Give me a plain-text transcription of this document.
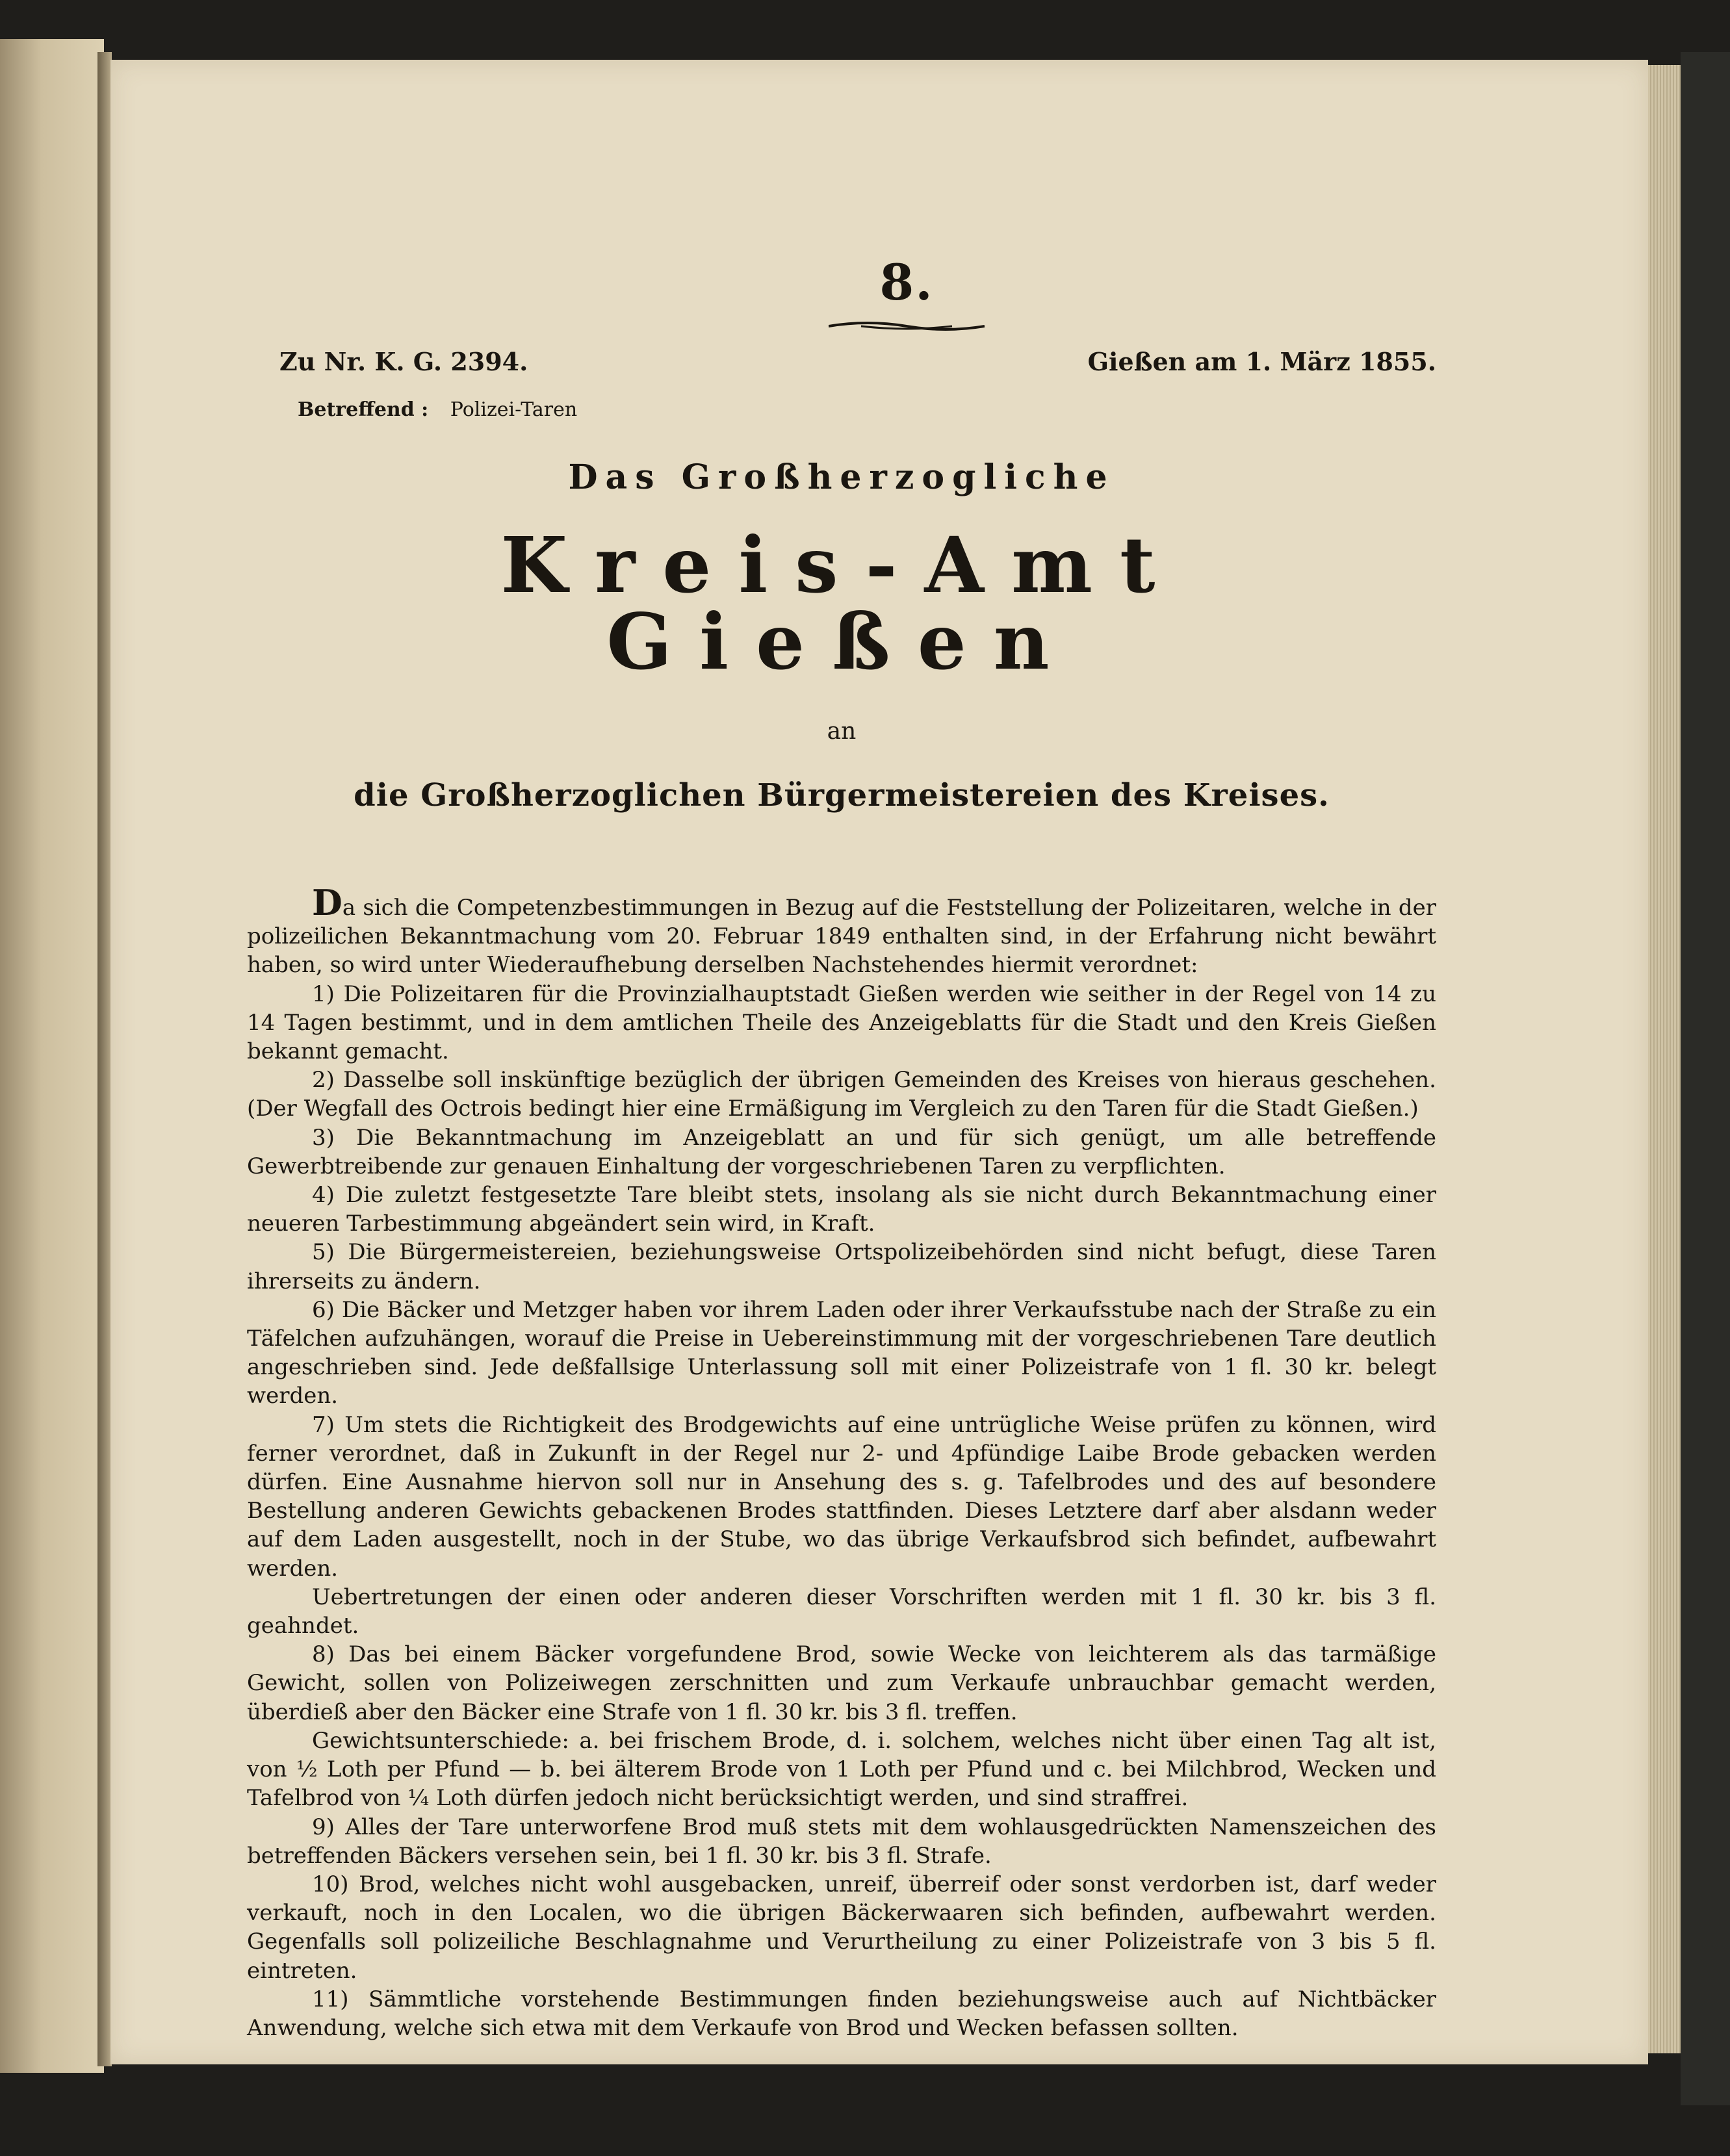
8.
Zu Nr. K. G. 2394.	Gießen am 1. März 1855.
Betreffend : Polizei-Taren
Das Großherzogliche
Kreis-Amt Gießen
an
die Großherzoglichen Bürgermeistereien des Kreises.

Da sich die Competenzbestimmungen in Bezug auf die Feststellung der Polizeitaren, welche in der polizeilichen Bekanntmachung vom 20. Februar 1849 enthalten sind, in der Erfahrung nicht bewährt haben, so wird unter Wiederaufhebung derselben Nachstehendes hiermit verordnet:

1) Die Polizeitaren für die Provinzialhauptstadt Gießen werden wie seither in der Regel von 14 zu 14 Tagen bestimmt, und in dem amtlichen Theile des Anzeigeblatts für die Stadt und den Kreis Gießen bekannt gemacht.

2) Dasselbe soll inskünftige bezüglich der übrigen Gemeinden des Kreises von hieraus geschehen. (Der Wegfall des Octrois bedingt hier eine Ermäßigung im Vergleich zu den Taren für die Stadt Gießen.)

3) Die Bekanntmachung im Anzeigeblatt an und für sich genügt, um alle betreffende Gewerbtreibende zur genauen Einhaltung der vorgeschriebenen Taren zu verpflichten.

4) Die zuletzt festgesetzte Tare bleibt stets, insolang als sie nicht durch Bekanntmachung einer neueren Tarbestimmung abgeändert sein wird, in Kraft.

5) Die Bürgermeistereien, beziehungsweise Ortspolizeibehörden sind nicht befugt, diese Taren ihrerseits zu ändern.

6) Die Bäcker und Metzger haben vor ihrem Laden oder ihrer Verkaufsstube nach der Straße zu ein Täfelchen aufzuhängen, worauf die Preise in Uebereinstimmung mit der vorgeschriebenen Tare deutlich angeschrieben sind. Jede deßfallsige Unterlassung soll mit einer Polizeistrafe von 1 fl. 30 kr. belegt werden.

7) Um stets die Richtigkeit des Brodgewichts auf eine untrügliche Weise prüfen zu können, wird ferner verordnet, daß in Zukunft in der Regel nur 2- und 4pfündige Laibe Brode gebacken werden dürfen. Eine Ausnahme hiervon soll nur in Ansehung des s. g. Tafelbrodes und des auf besondere Bestellung anderen Gewichts gebackenen Brodes stattfinden. Dieses Letztere darf aber alsdann weder auf dem Laden ausgestellt, noch in der Stube, wo das übrige Verkaufsbrod sich befindet, aufbewahrt werden.

Uebertretungen der einen oder anderen dieser Vorschriften werden mit 1 fl. 30 kr. bis 3 fl. geahndet.

8) Das bei einem Bäcker vorgefundene Brod, sowie Wecke von leichterem als das tarmäßige Gewicht, sollen von Polizeiwegen zerschnitten und zum Verkaufe unbrauchbar gemacht werden, überdieß aber den Bäcker eine Strafe von 1 fl. 30 kr. bis 3 fl. treffen.

Gewichtsunterschiede: a. bei frischem Brode, d. i. solchem, welches nicht über einen Tag alt ist, von ½ Loth per Pfund — b. bei älterem Brode von 1 Loth per Pfund und c. bei Milchbrod, Wecken und Tafelbrod von ¼ Loth dürfen jedoch nicht berücksichtigt werden, und sind straffrei.

9) Alles der Tare unterworfene Brod muß stets mit dem wohlausgedrückten Namenszeichen des betreffenden Bäckers versehen sein, bei 1 fl. 30 kr. bis 3 fl. Strafe.

10) Brod, welches nicht wohl ausgebacken, unreif, überreif oder sonst verdorben ist, darf weder verkauft, noch in den Localen, wo die übrigen Bäckerwaaren sich befinden, aufbewahrt werden. Gegenfalls soll polizeiliche Beschlagnahme und Verurtheilung zu einer Polizeistrafe von 3 bis 5 fl. eintreten.

11) Sämmtliche vorstehende Bestimmungen finden beziehungsweise auch auf Nichtbäcker Anwendung, welche sich etwa mit dem Verkaufe von Brod und Wecken befassen sollten.
